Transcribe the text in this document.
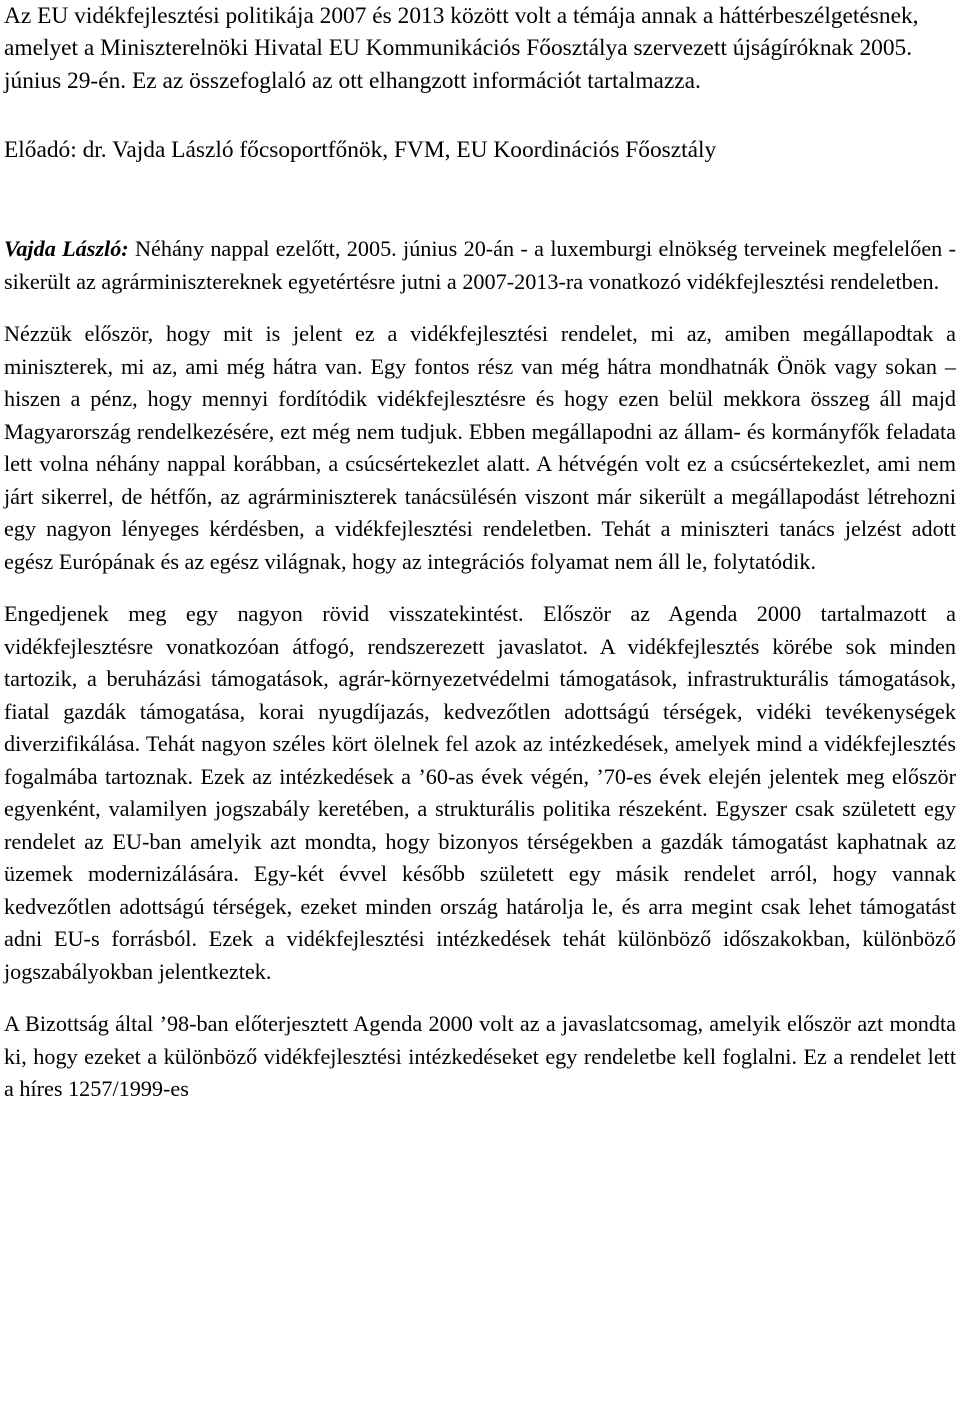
Az EU vidékfejlesztési politikája 2007 és 2013 között volt a témája annak a háttérbeszélgetésnek, amelyet a Miniszterelnöki Hivatal EU Kommunikációs Főosztálya szervezett újságíróknak 2005. június 29-én. Ez az összefoglaló az ott elhangzott információt tartalmazza.

Előadó: dr. Vajda László főcsoportfőnök, FVM, EU Koordinációs Főosztály

Vajda László: Néhány nappal ezelőtt, 2005. június 20-án - a luxemburgi elnökség terveinek megfelelően - sikerült az agrárminisztereknek egyetértésre jutni a 2007-2013-ra vonatkozó vidékfejlesztési rendeletben.

Nézzük először, hogy mit is jelent ez a vidékfejlesztési rendelet, mi az, amiben megállapodtak a miniszterek, mi az, ami még hátra van. Egy fontos rész van még hátra mondhatnák Önök vagy sokan – hiszen a pénz, hogy mennyi fordítódik vidékfejlesztésre és hogy ezen belül mekkora összeg áll majd Magyarország rendelkezésére, ezt még nem tudjuk. Ebben megállapodni az állam- és kormányfők feladata lett volna néhány nappal korábban, a csúcsértekezlet alatt. A hétvégén volt ez a csúcsértekezlet, ami nem járt sikerrel, de hétfőn, az agrárminiszterek tanácsülésén viszont már sikerült a megállapodást létrehozni egy nagyon lényeges kérdésben, a vidékfejlesztési rendeletben. Tehát a miniszteri tanács jelzést adott egész Európának és az egész világnak, hogy az integrációs folyamat nem áll le, folytatódik.

Engedjenek meg egy nagyon rövid visszatekintést. Először az Agenda 2000 tartalmazott a vidékfejlesztésre vonatkozóan átfogó, rendszerezett javaslatot. A vidékfejlesztés körébe sok minden tartozik, a beruházási támogatások, agrár-környezetvédelmi támogatások, infrastrukturális támogatások, fiatal gazdák támogatása, korai nyugdíjazás, kedvezőtlen adottságú térségek, vidéki tevékenységek diverzifikálása. Tehát nagyon széles kört ölelnek fel azok az intézkedések, amelyek mind a vidékfejlesztés fogalmába tartoznak. Ezek az intézkedések a ’60-as évek végén, ’70-es évek elején jelentek meg először egyenként, valamilyen jogszabály keretében, a strukturális politika részeként. Egyszer csak született egy rendelet az EU-ban amelyik azt mondta, hogy bizonyos térségekben a gazdák támogatást kaphatnak az üzemek modernizálására. Egy-két évvel később született egy másik rendelet arról, hogy vannak kedvezőtlen adottságú térségek, ezeket minden ország határolja le, és arra megint csak lehet támogatást adni EU-s forrásból. Ezek a vidékfejlesztési intézkedések tehát különböző időszakokban, különböző jogszabályokban jelentkeztek.

A Bizottság által ’98-ban előterjesztett Agenda 2000 volt az a javaslatcsomag, amelyik először azt mondta ki, hogy ezeket a különböző vidékfejlesztési intézkedéseket egy rendeletbe kell foglalni. Ez a rendelet lett a híres 1257/1999-es
